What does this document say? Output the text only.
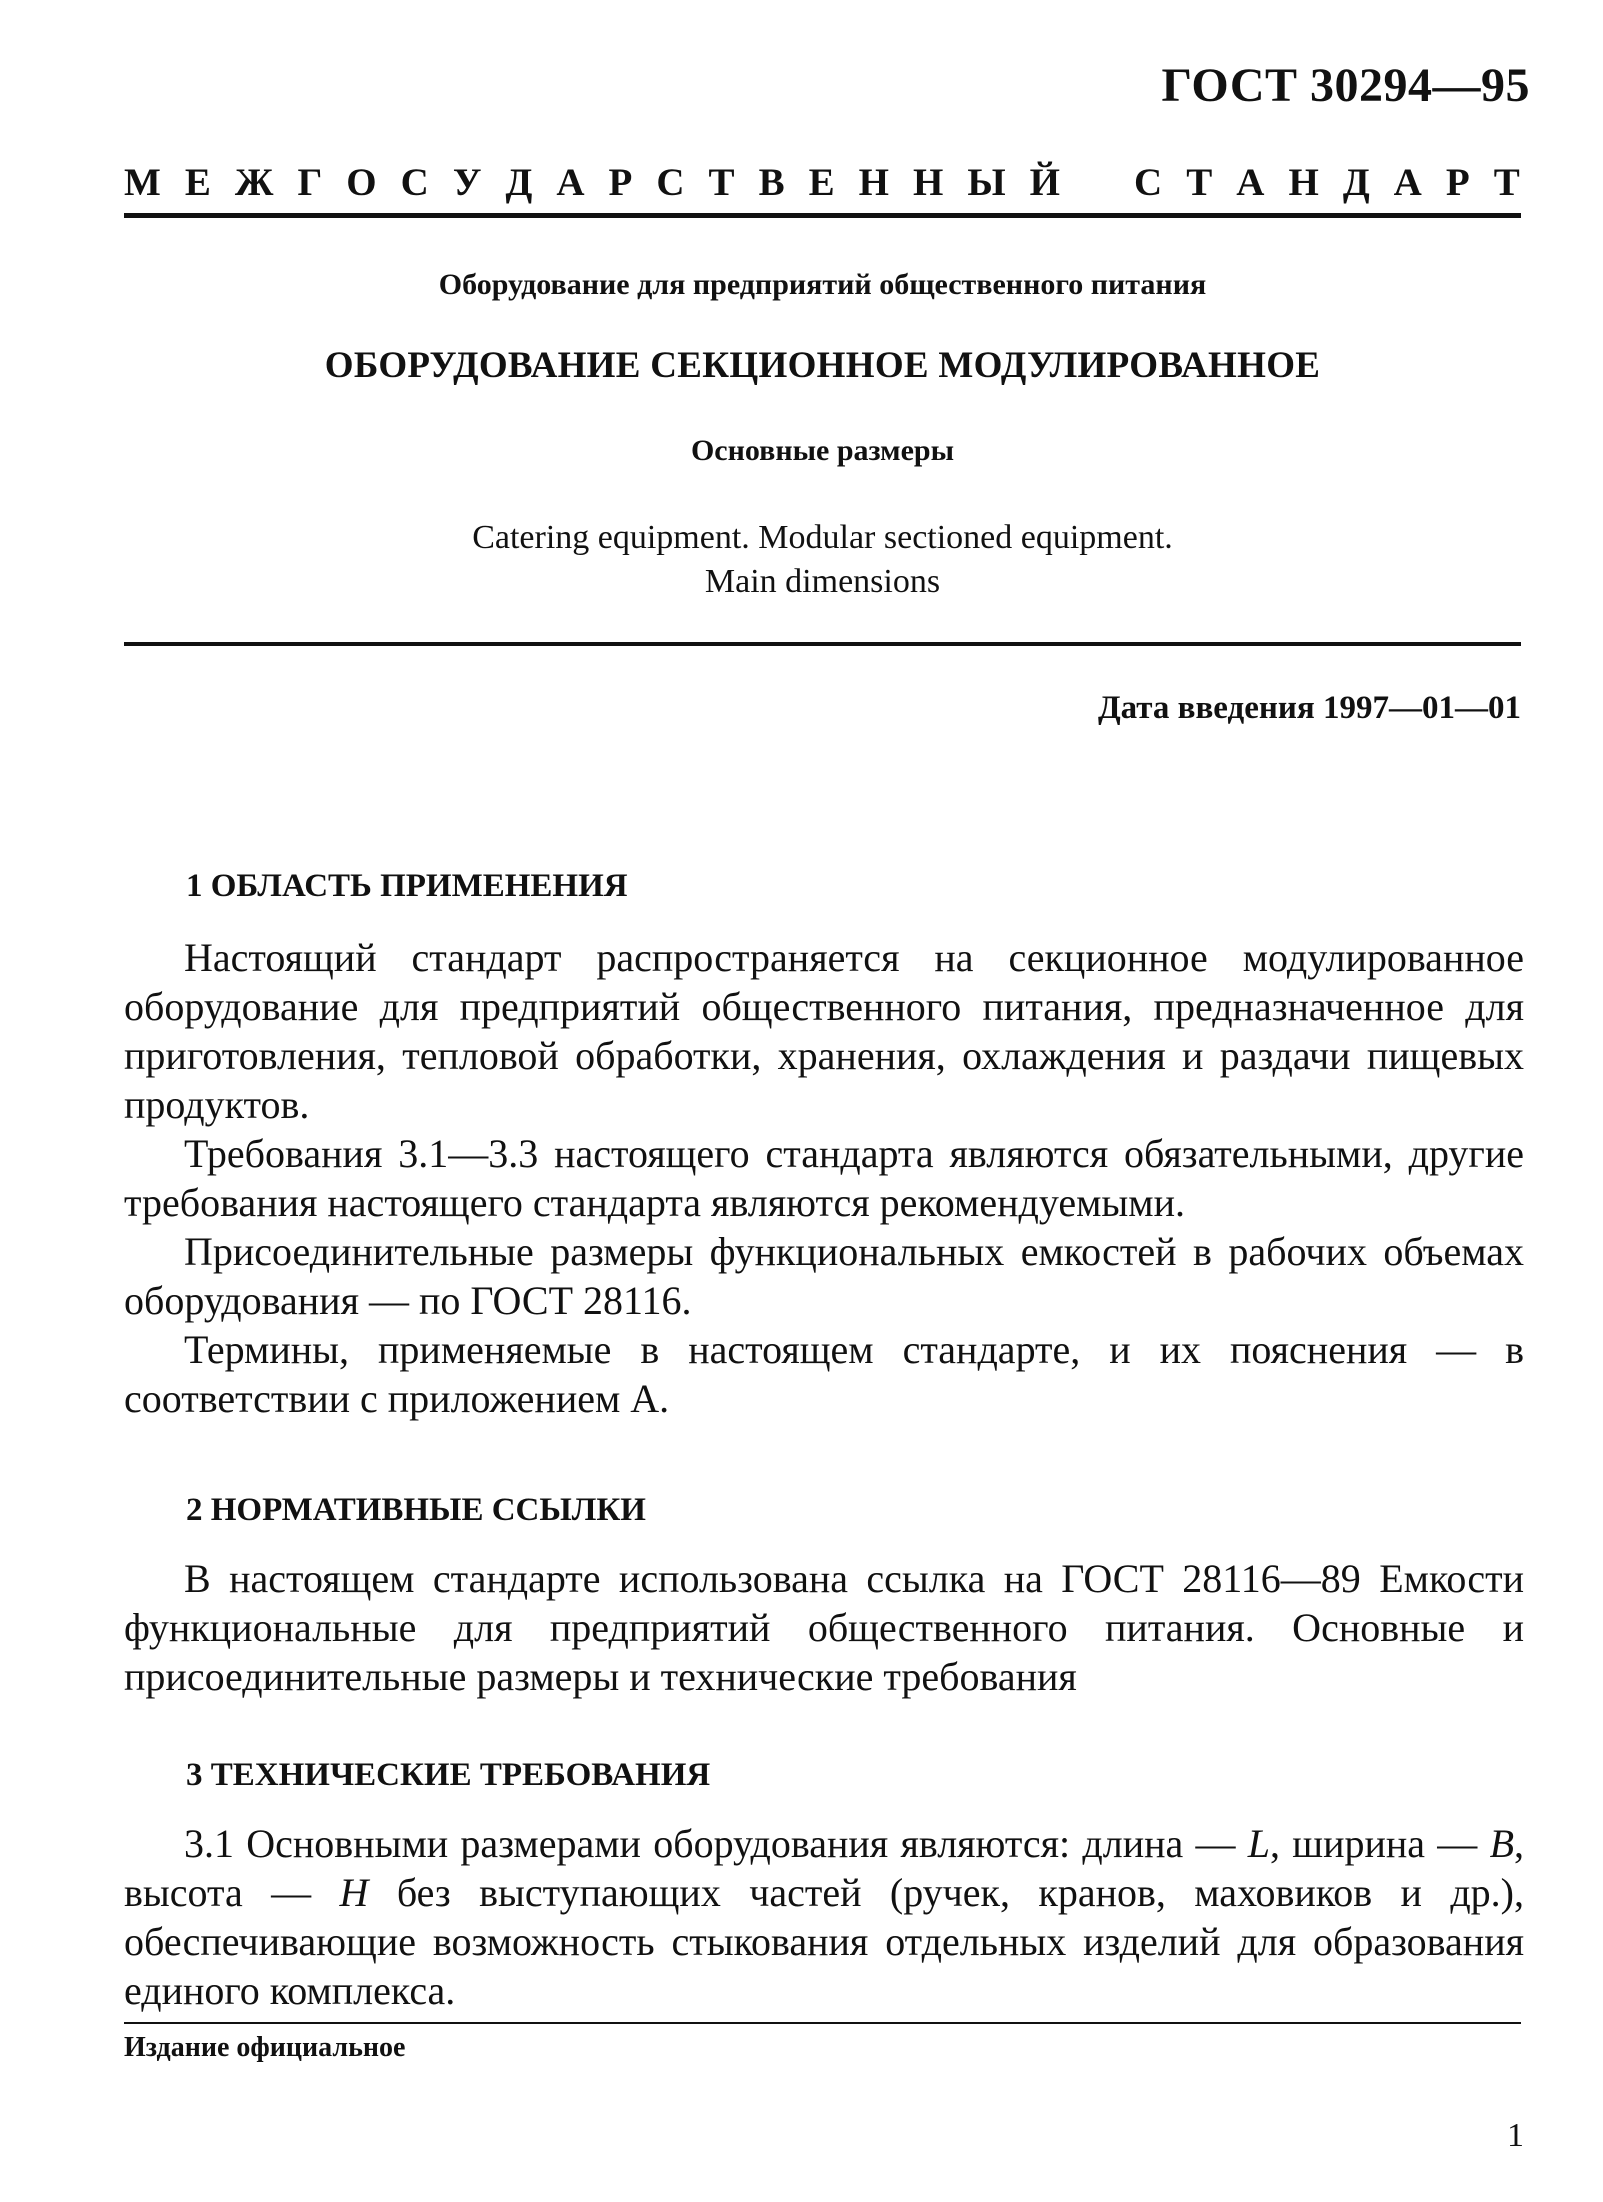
ГОСТ 30294—95
М Е Ж Г О С У Д А Р С Т В Е Н Н Ы Й С Т А Н Д А Р Т
Оборудование для предприятий общественного питания
ОБОРУДОВАНИЕ СЕКЦИОННОЕ МОДУЛИРОВАННОЕ
Основные размеры
Catering equipment. Modular sectioned equipment.
Main dimensions
Дата введения 1997—01—01
1 ОБЛАСТЬ ПРИМЕНЕНИЯ

Настоящий стандарт распространяется на секционное модулированное оборудование для предприятий общественного питания, предназначенное для приготовления, тепловой обработки, хранения, охлаждения и раздачи пищевых продуктов.

Требования 3.1—3.3 настоящего стандарта являются обязательными, другие требования настоящего стандарта являются рекомендуемыми.

Присоединительные размеры функциональных емкостей в рабочих объемах оборудования — по ГОСТ 28116.

Термины, применяемые в настоящем стандарте, и их пояснения — в соответствии с приложением А.

2 НОРМАТИВНЫЕ ССЫЛКИ

В настоящем стандарте использована ссылка на ГОСТ 28116—89 Емкости функциональные для предприятий общественного питания. Основные и присоединительные размеры и технические требования

3 ТЕХНИЧЕСКИЕ ТРЕБОВАНИЯ

3.1 Основными размерами оборудования являются: длина — L, ширина — B, высота — H без выступающих частей (ручек, кранов, маховиков и др.), обеспечивающие возможность стыкования отдельных изделий для образования единого комплекса.

Издание официальное
1
